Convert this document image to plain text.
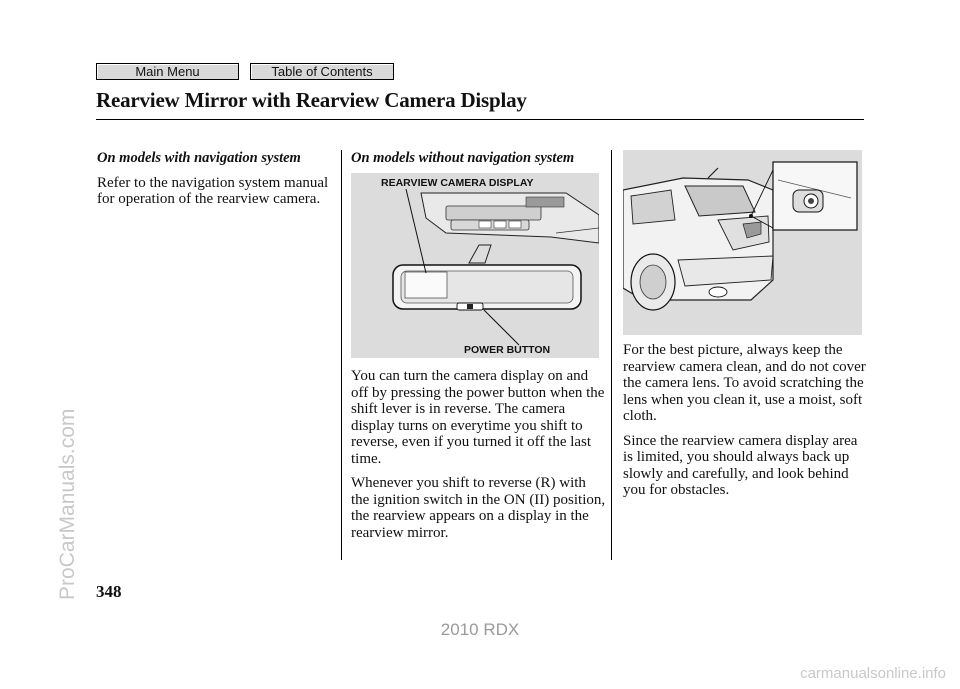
Main Menu	Table of Contents
Rearview Mirror with Rearview Camera Display

On models with navigation system

Refer to the navigation system manual for operation of the rearview camera.

On models without navigation system

REARVIEW CAMERA DISPLAY
POWER BUTTON

You can turn the camera display on and off by pressing the power button when the shift lever is in reverse. The camera display turns on everytime you shift to reverse, even if you turned it off the last time.

Whenever you shift to reverse (R) with the ignition switch in the ON (II) position, the rearview appears on a display in the rearview mirror.

For the best picture, always keep the rearview camera clean, and do not cover the camera lens. To avoid scratching the lens when you clean it, use a moist, soft cloth.

Since the rearview camera display area is limited, you should always back up slowly and carefully, and look behind you for obstacles.

348
ProCarManuals.com
2010 RDX
carmanualsonline.info
